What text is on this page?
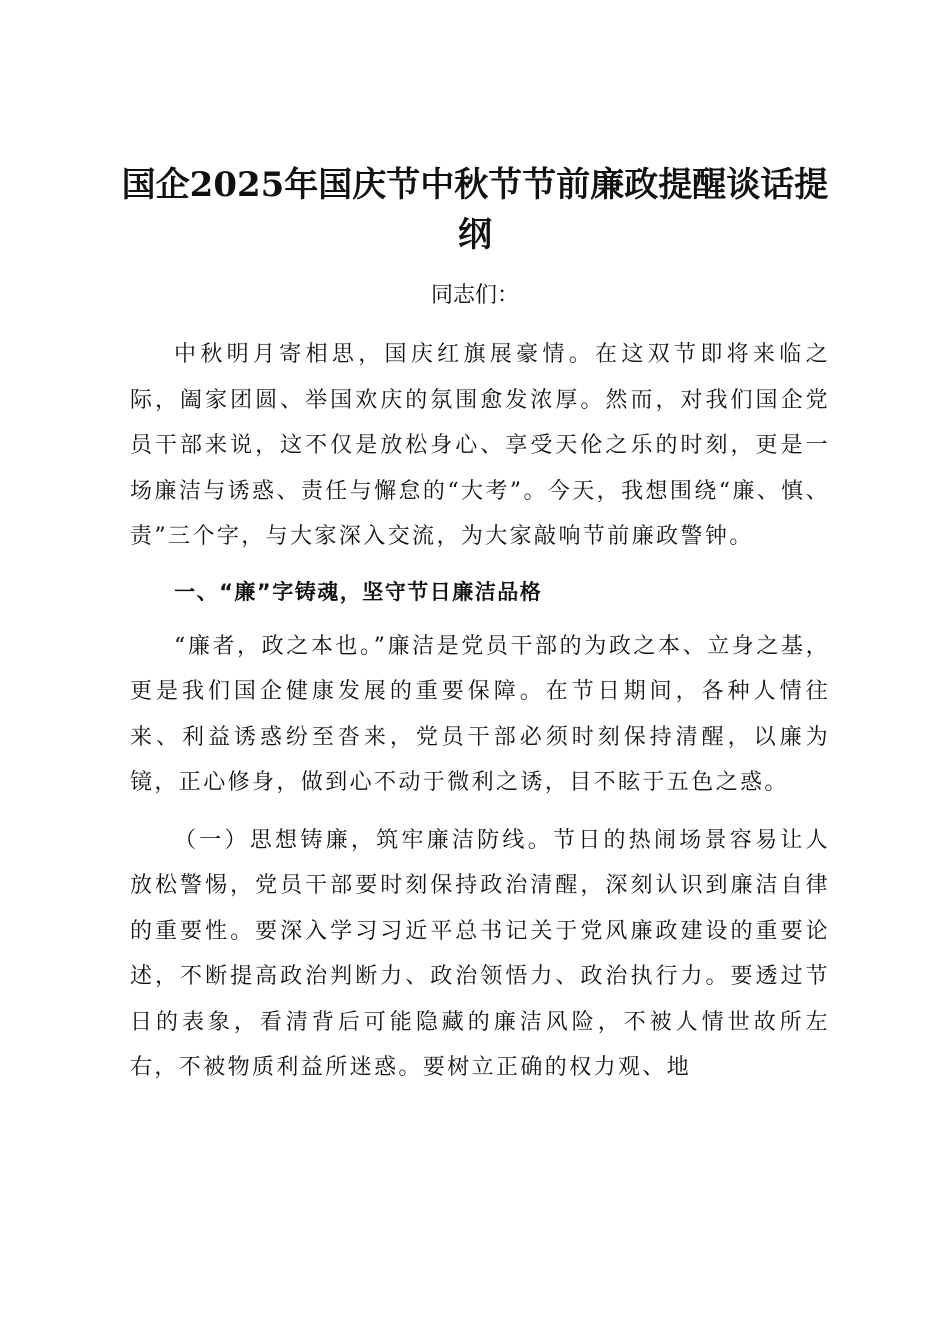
国企2025年国庆节中秋节节前廉政提醒谈话提纲
同志们：

中秋明月寄相思，国庆红旗展豪情。在这双节即将来临之际，阖家团圆、举国欢庆的氛围愈发浓厚。然而，对我们国企党员干部来说，这不仅是放松身心、享受天伦之乐的时刻，更是一场廉洁与诱惑、责任与懈怠的“大考”。今天，我想围绕“廉、慎、责”三个字，与大家深入交流，为大家敲响节前廉政警钟。

一、“廉”字铸魂，坚守节日廉洁品格

“廉者，政之本也。”廉洁是党员干部的为政之本、立身之基，更是我们国企健康发展的重要保障。在节日期间，各种人情往来、利益诱惑纷至沓来，党员干部必须时刻保持清醒，以廉为镜，正心修身，做到心不动于微利之诱，目不眩于五色之惑。

（一）思想铸廉，筑牢廉洁防线。节日的热闹场景容易让人放松警惕，党员干部要时刻保持政治清醒，深刻认识到廉洁自律的重要性。要深入学习习近平总书记关于党风廉政建设的重要论述，不断提高政治判断力、政治领悟力、政治执行力。要透过节日的表象，看清背后可能隐藏的廉洁风险，不被人情世故所左右，不被物质利益所迷惑。要树立正确的权力观、地
